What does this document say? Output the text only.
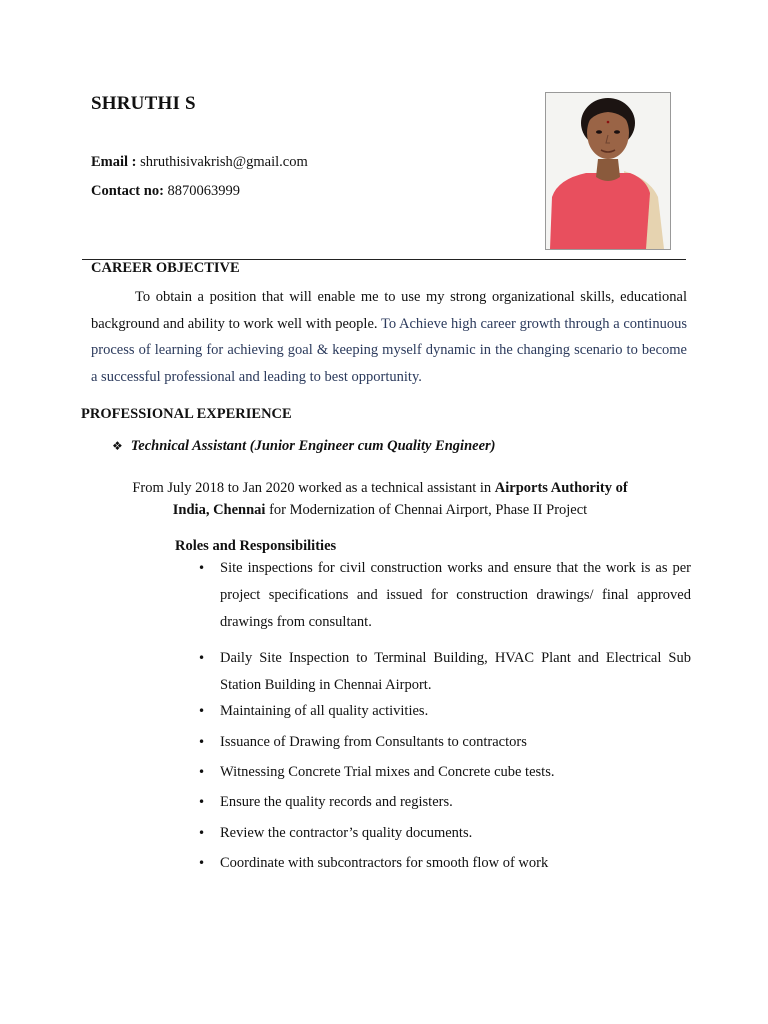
SHRUTHI S
Email : shruthisivakrish@gmail.com
Contact no: 8870063999
CAREER OBJECTIVE

To obtain a position that will enable me to use my strong organizational skills, educational background and ability to work well with people. To Achieve high career growth through a continuous process of learning for achieving goal & keeping myself dynamic in the changing scenario to become a successful professional and leading to best opportunity.

PROFESSIONAL EXPERIENCE
❖ Technical Assistant (Junior Engineer cum Quality Engineer)

From July 2018 to Jan 2020 worked as a technical assistant in Airports Authority of India, Chennai for Modernization of Chennai Airport, Phase II Project

Roles and Responsibilities
• Site inspections for civil construction works and ensure that the work is as per project specifications and issued for construction drawings/ final approved drawings from consultant.
• Daily Site Inspection to Terminal Building, HVAC Plant and Electrical Sub Station Building in Chennai Airport.
• Maintaining of all quality activities.
• Issuance of Drawing from Consultants to contractors
• Witnessing Concrete Trial mixes and Concrete cube tests.
• Ensure the quality records and registers.
• Review the contractor’s quality documents.
• Coordinate with subcontractors for smooth flow of work
